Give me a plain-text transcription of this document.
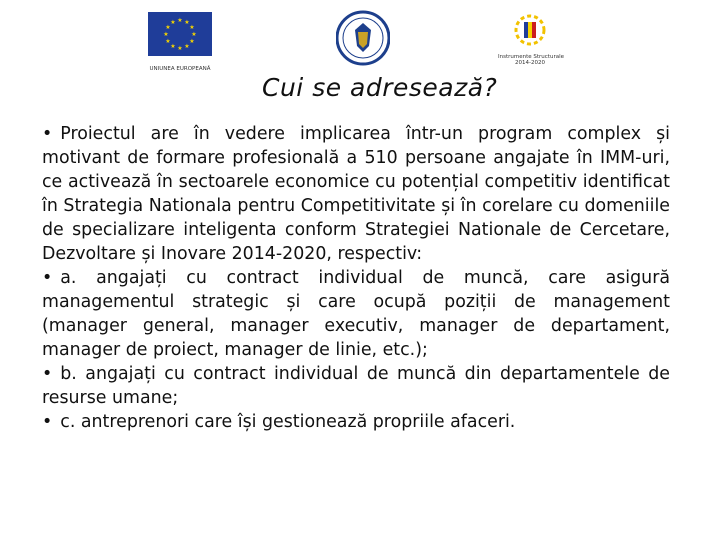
★ ★
★
★
★
★
★
★
★
★
★
★
UNIUNEA EUROPEANĂ
Instrumente Structurale
2014-2020
Cui se adresează?

• Proiectul are în vedere implicarea într-un program complex și motivant de formare profesională a 510 persoane angajate în IMM-uri, ce activează în sectoarele economice cu potențial competitiv identificat în Strategia Nationala pentru Competitivitate și în corelare cu domeniile de specializare inteligenta conform Strategiei Nationale de Cercetare, Dezvoltare și Inovare 2014-2020, respectiv:

• a. angajați cu contract individual de muncă, care asigură managementul strategic și care ocupă poziții de management (manager general, manager executiv, manager de departament, manager de proiect, manager de linie, etc.);

• b. angajați cu contract individual de muncă din departamentele de resurse umane;

• c. antreprenori care își gestionează propriile afaceri.
